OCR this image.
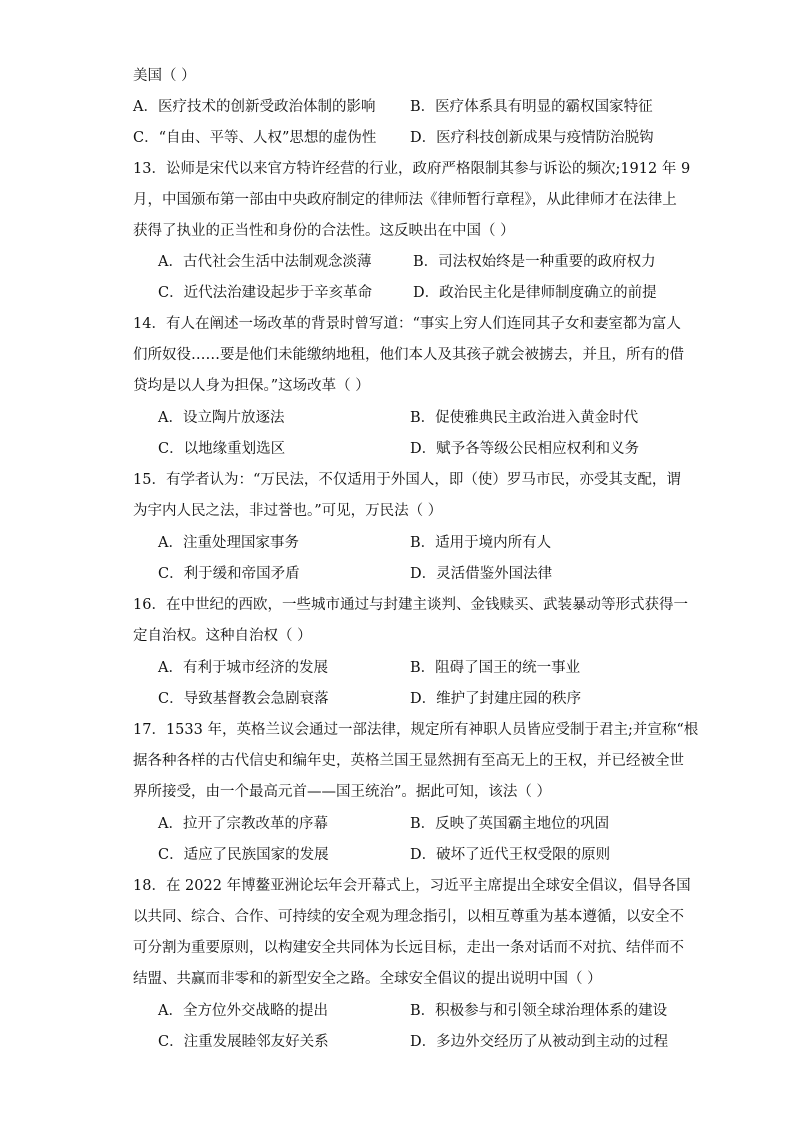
美国（ ）
A．医疗技术的创新受政治体制的影响 B．医疗体系具有明显的霸权国家特征
C．“自由、平等、人权”思想的虚伪性 D．医疗科技创新成果与疫情防治脱钩
13．讼师是宋代以来官方特许经营的行业，政府严格限制其参与诉讼的频次;1912 年 9
月，中国颁布第一部由中央政府制定的律师法《律师暂行章程》，从此律师才在法律上
获得了执业的正当性和身份的合法性。这反映出在中国（ ）
A．古代社会生活中法制观念淡薄	B．司法权始终是一种重要的政府权力
C．近代法治建设起步于辛亥革命	D．政治民主化是律师制度确立的前提
14．有人在阐述一场改革的背景时曾写道：“事实上穷人们连同其子女和妻室都为富人
们所奴役……要是他们未能缴纳地租，他们本人及其孩子就会被掳去，并且，所有的借
贷均是以人身为担保。”这场改革（ ）
A．设立陶片放逐法	B．促使雅典民主政治进入黄金时代
C．以地缘重划选区	D．赋予各等级公民相应权利和义务
15．有学者认为：“万民法，不仅适用于外国人，即（使）罗马市民，亦受其支配，谓
为宇内人民之法，非过誉也。”可见，万民法（ ）
A．注重处理国家事务	B．适用于境内所有人
C．利于缓和帝国矛盾	D．灵活借鉴外国法律
16．在中世纪的西欧，一些城市通过与封建主谈判、金钱赎买、武装暴动等形式获得一
定自治权。这种自治权（ ）
A．有利于城市经济的发展	B．阻碍了国王的统一事业
C．导致基督教会急剧衰落	D．维护了封建庄园的秩序
17．1533 年，英格兰议会通过一部法律，规定所有神职人员皆应受制于君主;并宣称“根
据各种各样的古代信史和编年史，英格兰国王显然拥有至高无上的王权，并已经被全世
界所接受，由一个最高元首——国王统治”。据此可知，该法（ ）
A．拉开了宗教改革的序幕	B．反映了英国霸主地位的巩固
C．适应了民族国家的发展	D．破坏了近代王权受限的原则
18．在 2022 年博鳌亚洲论坛年会开幕式上，习近平主席提出全球安全倡议，倡导各国
以共同、综合、合作、可持续的安全观为理念指引，以相互尊重为基本遵循，以安全不
可分割为重要原则，以构建安全共同体为长远目标，走出一条对话而不对抗、结伴而不
结盟、共赢而非零和的新型安全之路。全球安全倡议的提出说明中国（ ）
A．全方位外交战略的提出	B．积极参与和引领全球治理体系的建设
C．注重发展睦邻友好关系	D．多边外交经历了从被动到主动的过程
